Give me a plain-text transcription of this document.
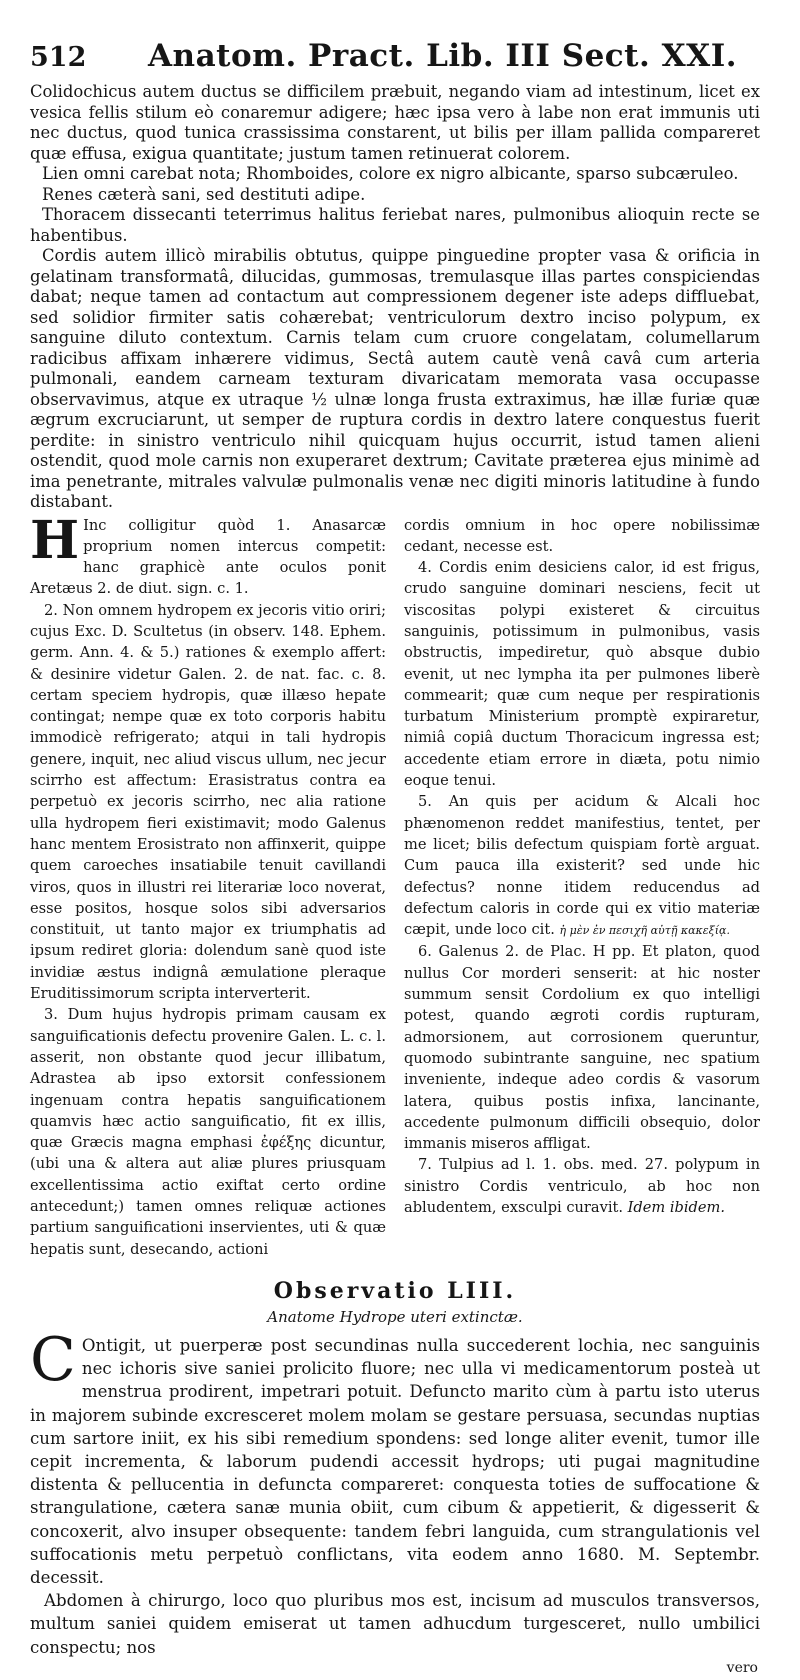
512	Anatom. Pract. Lib. III Sect. XXI.

Colidochicus autem ductus se difficilem præbuit, negando viam ad intestinum, licet ex vesica fellis stilum eò conaremur adigere; hæc ipsa vero à labe non erat immunis uti nec ductus, quod tunica crassissima constarent, ut bilis per illam pallida compareret quæ effusa, exigua quantitate; justum tamen retinuerat colorem.

Lien omni carebat nota; Rhomboides, colore ex nigro albicante, sparso subcæruleo.

Renes cæterà sani, sed destituti adipe.

Thoracem dissecanti teterrimus halitus feriebat nares, pulmonibus alioquin recte se habentibus.

Cordis autem illicò mirabilis obtutus, quippe pinguedine propter vasa & orificia in gelatinam transformatâ, dilucidas, gummosas, tremulasque illas partes conspiciendas dabat; neque tamen ad contactum aut compressionem degener iste adeps diffluebat, sed solidior firmiter satis cohærebat; ventriculorum dextro inciso polypum, ex sanguine diluto contextum. Carnis telam cum cruore congelatam, columellarum radicibus affixam inhærere vidimus, Sectâ autem cautè venâ cavâ cum arteria pulmonali, eandem carneam texturam divaricatam memorata vasa occupasse observavimus, atque ex utraque ½ ulnæ longa frusta extraximus, hæ illæ furiæ quæ ægrum excruciarunt, ut semper de ruptura cordis in dextro latere conquestus fuerit perdite: in sinistro ventriculo nihil quicquam hujus occurrit, istud tamen alieni ostendit, quod mole carnis non exuperaret dextrum; Cavitate præterea ejus minimè ad ima penetrante, mitrales valvulæ pulmonalis venæ nec digiti minoris latitudine à fundo distabant.

H Inc colligitur quòd 1. Anasarcæ proprium nomen intercus competit: hanc graphicè ante oculos ponit Aretæus 2. de diut. sign. c. 1.

2. Non omnem hydropem ex jecoris vitio oriri; cujus Exc. D. Scultetus (in observ. 148. Ephem. germ. Ann. 4. & 5.) rationes & exemplo affert: & desinire videtur Galen. 2. de nat. fac. c. 8. certam speciem hydropis, quæ illæso hepate contingat; nempe quæ ex toto corporis habitu immodicè refrigerato; atqui in tali hydropis genere, inquit, nec aliud viscus ullum, nec jecur scirrho est affectum: Erasistratus contra ea perpetuò ex jecoris scirrho, nec alia ratione ulla hydropem fieri existimavit; modo Galenus hanc mentem Erosistrato non affinxerit, quippe quem caroeches insatiabile tenuit cavillandi viros, quos in illustri rei literariæ loco noverat, esse positos, hosque solos sibi adversarios constituit, ut tanto major ex triumphatis ad ipsum rediret gloria: dolendum sanè quod iste invidiæ æstus indignâ æmulatione pleraque Eruditissimorum scripta interverterit.

3. Dum hujus hydropis primam causam ex sanguificationis defectu provenire Galen. L. c. l. asserit, non obstante quod jecur illibatum, Adrastea ab ipso extorsit confessionem ingenuam contra hepatis sanguificationem quamvis hæc actio sanguificatio, fit ex illis, quæ Græcis magna emphasi ἐφέξης dicuntur, (ubi una & altera aut aliæ plures priusquam excellentissima actio exiftat certo ordine antecedunt;) tamen omnes reliquæ actiones partium sanguificationi inservientes, uti & quæ hepatis sunt, desecando, actioni

cordis omnium in hoc opere nobilissimæ cedant, necesse est.

4. Cordis enim desiciens calor, id est frigus, crudo sanguine dominari nesciens, fecit ut viscositas polypi existeret & circuitus sanguinis, potissimum in pulmonibus, vasis obstructis, impediretur, quò absque dubio evenit, ut nec lympha ita per pulmones liberè commearit; quæ cum neque per respirationis turbatum Ministerium promptè expiraretur, nimiâ copiâ ductum Thoracicum ingressa est; accedente etiam errore in diæta, potu nimio eoque tenui.

5. An quis per acidum & Alcali hoc phænomenon reddet manifestius, tentet, per me licet; bilis defectum quispiam fortè arguat. Cum pauca illa existerit? sed unde hic defectus? nonne itidem reducendus ad defectum caloris in corde qui ex vitio materiæ cæpit, unde loco cit. ἡ μὲν ἐν πεσιχῆ αὐτῇ κακεξίᾳ.

6. Galenus 2. de Plac. H pp. Et platon, quod nullus Cor morderi senserit: at hic noster summum sensit Cordolium ex quo intelligi potest, quando ægroti cordis rupturam, admorsionem, aut corrosionem queruntur, quomodo subintrante sanguine, nec spatium inveniente, indeque adeo cordis & vasorum latera, quibus postis infixa, lancinante, accedente pulmonum difficili obsequio, dolor immanis miseros affligat.

7. Tulpius ad l. 1. obs. med. 27. polypum in sinistro Cordis ventriculo, ab hoc non abludentem, exsculpi curavit. Idem ibidem.

Observatio LIII.
Anatome Hydrope uteri extinctæ.

C Ontigit, ut puerperæ post secundinas nulla succederent lochia, nec sanguinis nec ichoris sive saniei prolicito fluore; nec ulla vi medicamentorum posteà ut menstrua prodirent, impetrari potuit. Defuncto marito cùm à partu isto uterus in majorem subinde excresceret molem molam se gestare persuasa, secundas nuptias cum sartore iniit, ex his sibi remedium spondens: sed longe aliter evenit, tumor ille cepit incrementa, & laborum pudendi accessit hydrops; uti pugai magnitudine distenta & pellucentia in defuncta compareret: conquesta toties de suffocatione & strangulatione, cætera sanæ munia obiit, cum cibum & appetierit, & digesserit & concoxerit, alvo insuper obsequente: tandem febri languida, cum strangulationis vel suffocationis metu perpetuò conflictans, vita eodem anno 1680. M. Septembr. decessit.

Abdomen à chirurgo, loco quo pluribus mos est, incisum ad musculos transversos, multum saniei quidem emiserat ut tamen adhucdum turgesceret, nullo umbilici conspectu; nos

vero
